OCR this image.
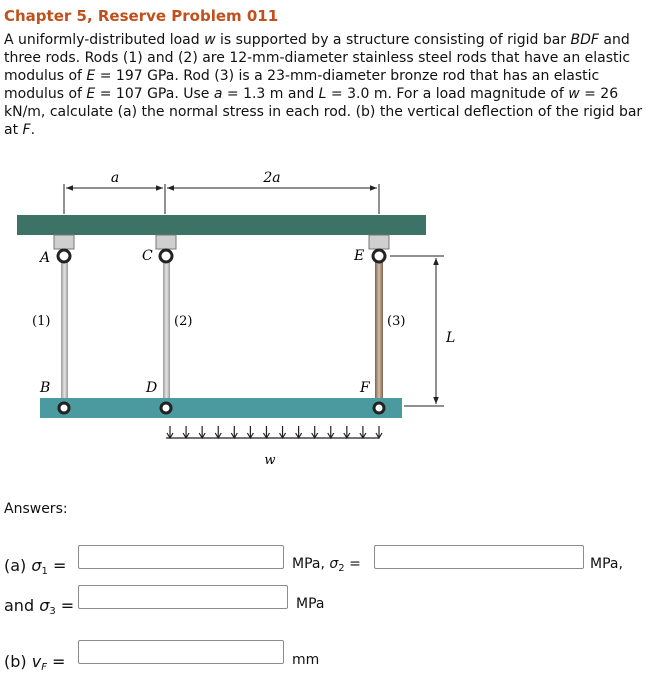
Chapter 5, Reserve Problem 011

A uniformly-distributed load w is supported by a structure consisting of rigid bar BDF and three rods. Rods (1) and (2) are 12-mm-diameter stainless steel rods that have an elastic modulus of E = 197 GPa. Rod (3) is a 23-mm-diameter bronze rod that has an elastic modulus of E = 107 GPa. Use a = 1.3 m and L = 3.0 m. For a load magnitude of w = 26 kN/m, calculate (a) the normal stress in each rod. (b) the vertical deflection of the rigid bar at F.

a	2a
A	C	E
(1)	(2)	(3)
L
B	D	F
w
Answers:
(a) $\sigma_1$ =	MPa, $\sigma_2$ =	MPa,
and $\sigma_3$ =	MPa
(b) $v_F$ =	mm
